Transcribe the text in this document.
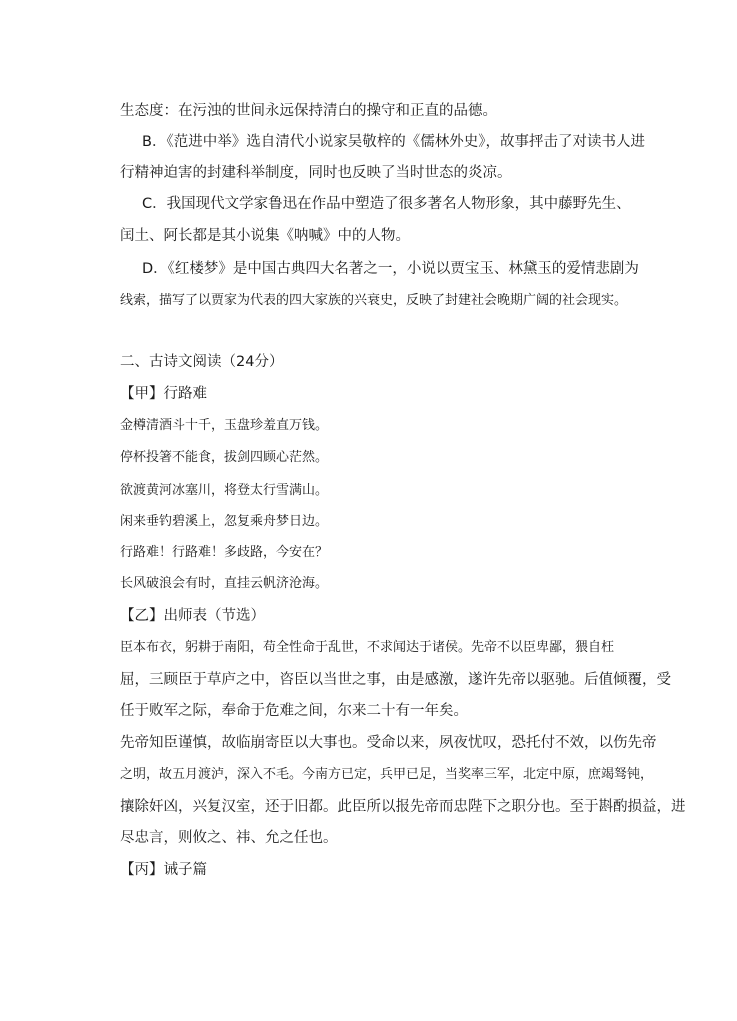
生态度：在污浊的世间永远保持清白的操守和正直的品德。
B．《范进中举》选自清代小说家吴敬梓的《儒林外史》，故事抨击了对读书人进
行精神迫害的封建科举制度，同时也反映了当时世态的炎凉。
C．我国现代文学家鲁迅在作品中塑造了很多著名人物形象，其中藤野先生、
闰土、阿长都是其小说集《呐喊》中的人物。
D．《红楼梦》是中国古典四大名著之一，小说以贾宝玉、林黛玉的爱情悲剧为
线索，描写了以贾家为代表的四大家族的兴衰史，反映了封建社会晚期广阔的社会现实。
二、古诗文阅读（24分）
【甲】行路难
金樽清酒斗十千，玉盘珍羞直万钱。
停杯投箸不能食，拔剑四顾心茫然。
欲渡黄河冰塞川，将登太行雪满山。
闲来垂钓碧溪上，忽复乘舟梦日边。
行路难！行路难！多歧路，今安在？
长风破浪会有时，直挂云帆济沧海。
【乙】出师表（节选）
臣本布衣，躬耕于南阳，苟全性命于乱世，不求闻达于诸侯。先帝不以臣卑鄙，猥自枉
屈，三顾臣于草庐之中，咨臣以当世之事，由是感激，遂许先帝以驱驰。后值倾覆，受
任于败军之际，奉命于危难之间，尔来二十有一年矣。
先帝知臣谨慎，故临崩寄臣以大事也。受命以来，夙夜忧叹，恐托付不效，以伤先帝
之明，故五月渡泸，深入不毛。今南方已定，兵甲已足，当奖率三军，北定中原，庶竭驽钝，
攘除奸凶，兴复汉室，还于旧都。此臣所以报先帝而忠陛下之职分也。至于斟酌损益，进
尽忠言，则攸之、祎、允之任也。
【丙】诫子篇
